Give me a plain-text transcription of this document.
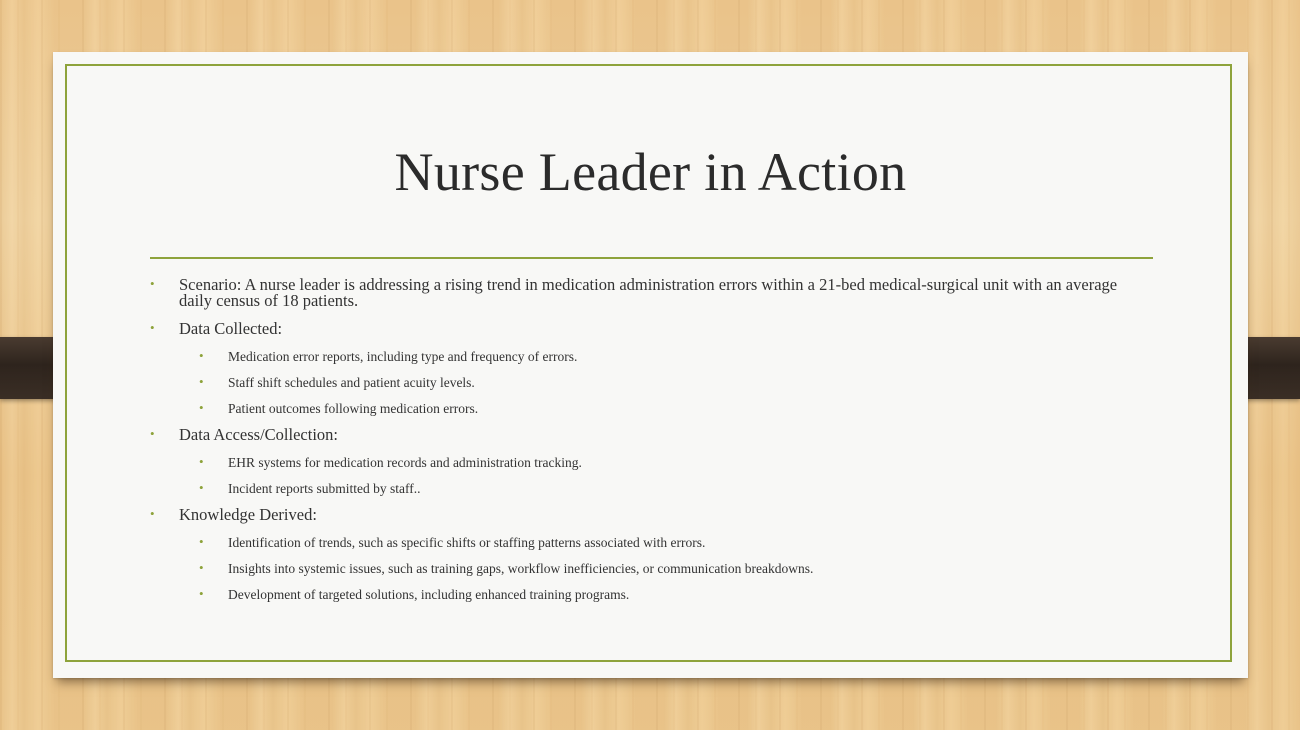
Nurse Leader in Action
• Scenario: A nurse leader is addressing a rising trend in medication administration errors within a 21-bed medical-surgical unit with an average daily census of 18 patients.
• Data Collected:
• Medication error reports, including type and frequency of errors.
• Staff shift schedules and patient acuity levels.
• Patient outcomes following medication errors.
• Data Access/Collection:
• EHR systems for medication records and administration tracking.
• Incident reports submitted by staff..
• Knowledge Derived:
• Identification of trends, such as specific shifts or staffing patterns associated with errors.
• Insights into systemic issues, such as training gaps, workflow inefficiencies, or communication breakdowns.
• Development of targeted solutions, including enhanced training programs.
